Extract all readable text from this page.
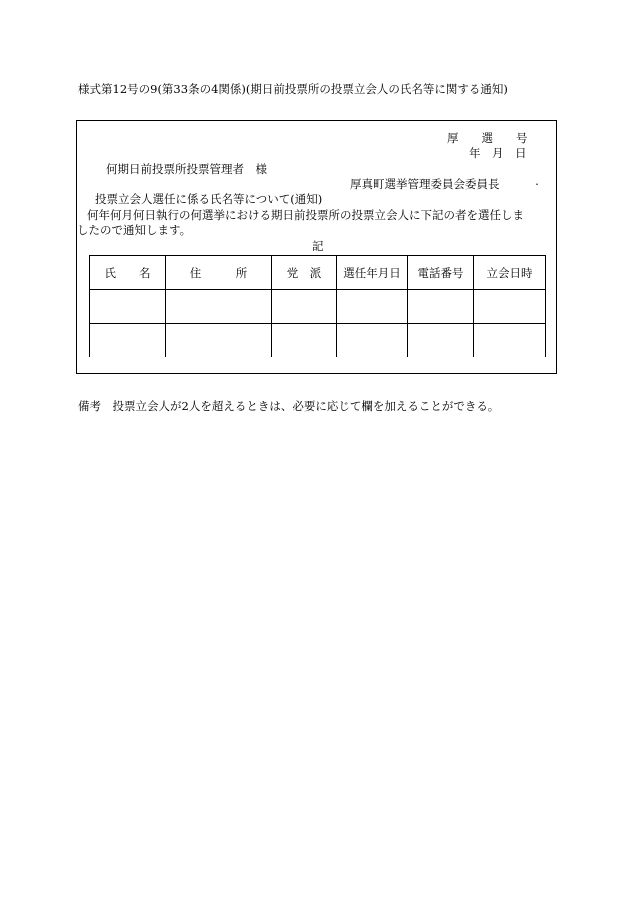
様式第12号の9(第33条の4関係)(期日前投票所の投票立会人の氏名等に関する通知)
厚　　選　　号
年　月　日
何期日前投票所投票管理者　様
厚真町選挙管理委員会委員長	・
投票立会人選任に係る氏名等について(通知)
何年何月何日執行の何選挙における期日前投票所の投票立会人に下記の者を選任しま
したので通知します。
記
氏　　名	住　　　所	党　派	選任年月日	電話番号	立会日時

備考　投票立会人が2人を超えるときは、必要に応じて欄を加えることができる。
